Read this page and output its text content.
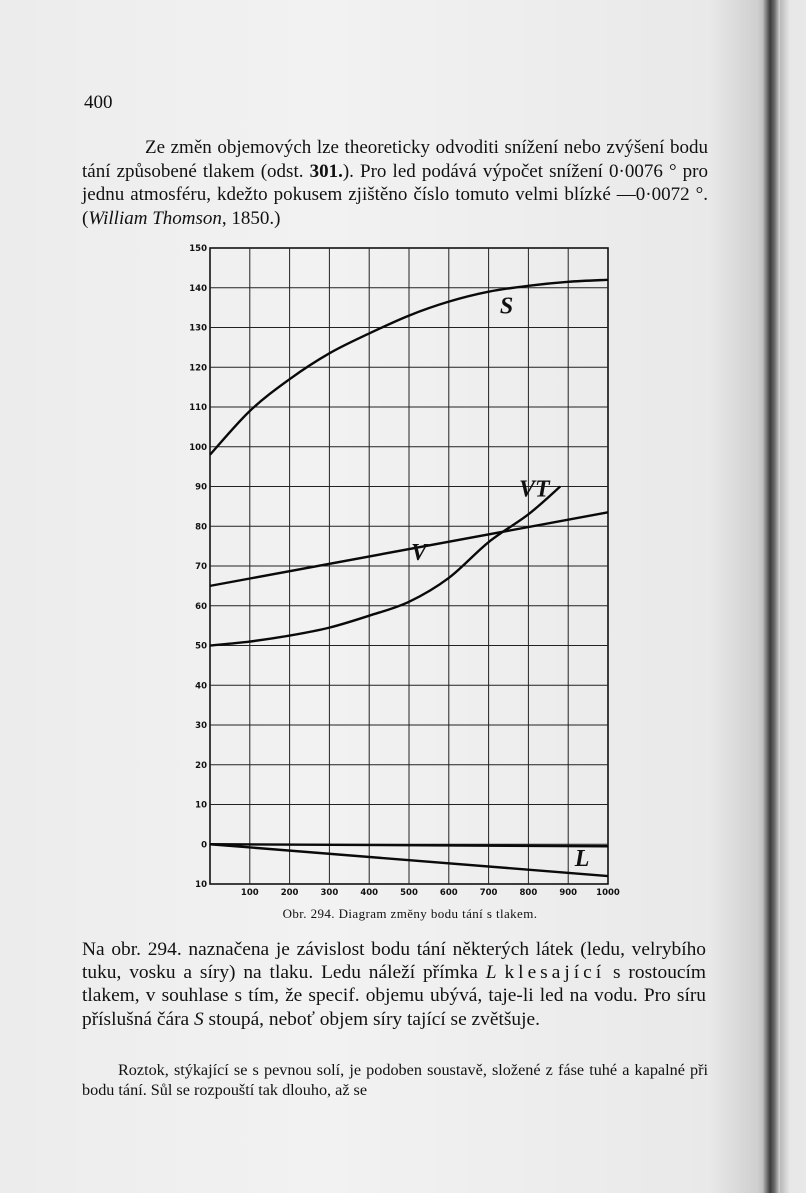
400
Ze změn objemových lze theoreticky odvoditi snížení nebo zvýšení bodu tání způsobené tlakem (odst. 301.). Pro led podává výpočet snížení 0·0076 ° pro jednu atmosféru, kdežto pokusem zjištěno číslo tomuto velmi blízké —0·0072 °. (William Thomson, 1850.)
150
140
130
120
110
100
90
80
70
60
50
40
30
20
10
0
10
100	200	300	400	500	600	700	800	900 1000
S
VT
V
L
Obr. 294. Diagram změny bodu tání s tlakem.
Na obr. 294. naznačena je závislost bodu tání některých látek (ledu, velrybího tuku, vosku a síry) na tlaku. Ledu náleží přímka L klesající s rostoucím tlakem, v souhlase s tím, že specif. objemu ubývá, taje-li led na vodu. Pro síru příslušná čára S stoupá, neboť objem síry tající se zvětšuje.
Roztok, stýkající se s pevnou solí, je podoben soustavě, složené z fáse tuhé a kapalné při bodu tání. Sůl se rozpouští tak dlouho, až se
